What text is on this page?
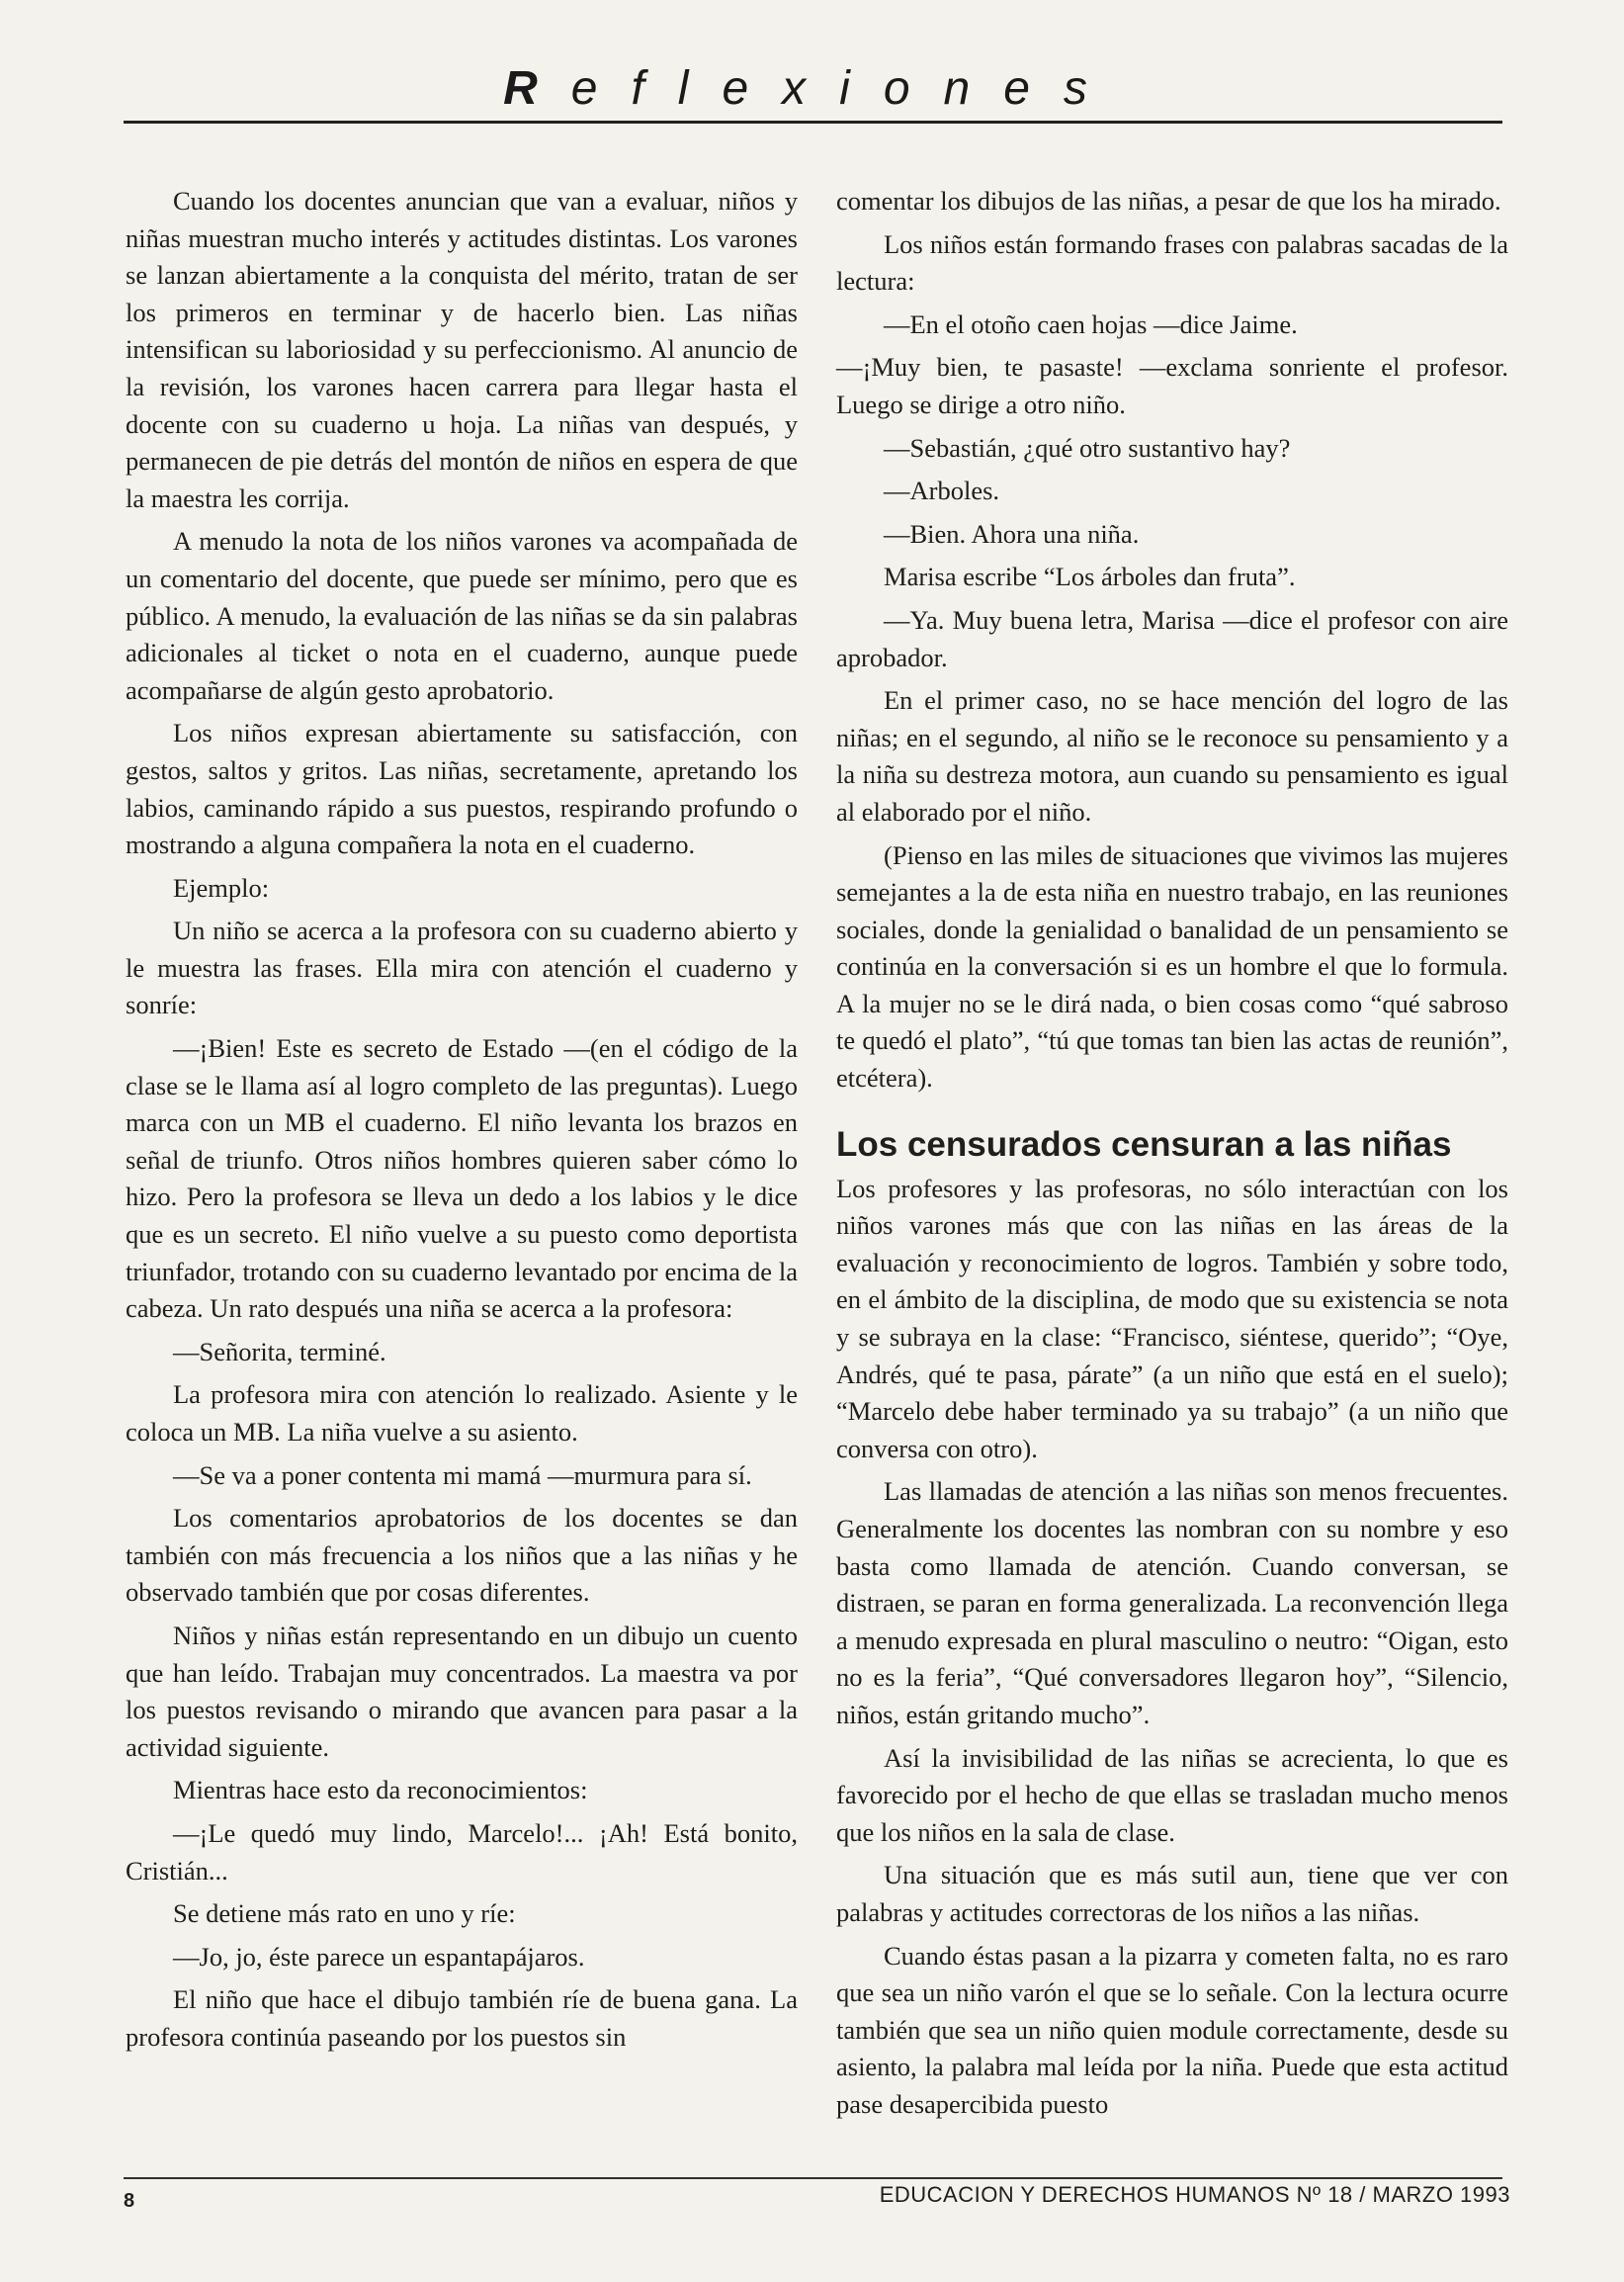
Reflexiones

Cuando los docentes anuncian que van a evaluar, niños y niñas muestran mucho interés y actitudes distintas. Los varones se lanzan abiertamente a la conquista del mérito, tratan de ser los primeros en terminar y de hacerlo bien. Las niñas intensifican su laboriosidad y su perfeccionismo. Al anuncio de la revisión, los varones hacen carrera para llegar hasta el docente con su cuaderno u hoja. La niñas van después, y permanecen de pie detrás del montón de niños en espera de que la maestra les corrija.

A menudo la nota de los niños varones va acompañada de un comentario del docente, que puede ser mínimo, pero que es público. A menudo, la evaluación de las niñas se da sin palabras adicionales al ticket o nota en el cuaderno, aunque puede acompañarse de algún gesto aprobatorio.

Los niños expresan abiertamente su satisfacción, con gestos, saltos y gritos. Las niñas, secretamente, apretando los labios, caminando rápido a sus puestos, respirando profundo o mostrando a alguna compañera la nota en el cuaderno.

Ejemplo:

Un niño se acerca a la profesora con su cuaderno abierto y le muestra las frases. Ella mira con atención el cuaderno y sonríe:

—¡Bien! Este es secreto de Estado —(en el código de la clase se le llama así al logro completo de las preguntas). Luego marca con un MB el cuaderno. El niño levanta los brazos en señal de triunfo. Otros niños hombres quieren saber cómo lo hizo. Pero la profesora se lleva un dedo a los labios y le dice que es un secreto. El niño vuelve a su puesto como deportista triunfador, trotando con su cuaderno levantado por encima de la cabeza. Un rato después una niña se acerca a la profesora:

—Señorita, terminé.

La profesora mira con atención lo realizado. Asiente y le coloca un MB. La niña vuelve a su asiento.

—Se va a poner contenta mi mamá —murmura para sí.

Los comentarios aprobatorios de los docentes se dan también con más frecuencia a los niños que a las niñas y he observado también que por cosas diferentes.

Niños y niñas están representando en un dibujo un cuento que han leído. Trabajan muy concentrados. La maestra va por los puestos revisando o mirando que avancen para pasar a la actividad siguiente.

Mientras hace esto da reconocimientos:

—¡Le quedó muy lindo, Marcelo!... ¡Ah! Está bonito, Cristián...

Se detiene más rato en uno y ríe:

—Jo, jo, éste parece un espantapájaros.

El niño que hace el dibujo también ríe de buena gana. La profesora continúa paseando por los puestos sin

comentar los dibujos de las niñas, a pesar de que los ha mirado.

Los niños están formando frases con palabras sacadas de la lectura:

—En el otoño caen hojas —dice Jaime.

—¡Muy bien, te pasaste! —exclama sonriente el profesor. Luego se dirige a otro niño.

—Sebastián, ¿qué otro sustantivo hay?

—Arboles.

—Bien. Ahora una niña.

Marisa escribe “Los árboles dan fruta”.

—Ya. Muy buena letra, Marisa —dice el profesor con aire aprobador.

En el primer caso, no se hace mención del logro de las niñas; en el segundo, al niño se le reconoce su pensamiento y a la niña su destreza motora, aun cuando su pensamiento es igual al elaborado por el niño.

(Pienso en las miles de situaciones que vivimos las mujeres semejantes a la de esta niña en nuestro trabajo, en las reuniones sociales, donde la genialidad o banalidad de un pensamiento se continúa en la conversación si es un hombre el que lo formula. A la mujer no se le dirá nada, o bien cosas como “qué sabroso te quedó el plato”, “tú que tomas tan bien las actas de reunión”, etcétera).

Los censurados censuran a las niñas

Los profesores y las profesoras, no sólo interactúan con los niños varones más que con las niñas en las áreas de la evaluación y reconocimiento de logros. También y sobre todo, en el ámbito de la disciplina, de modo que su existencia se nota y se subraya en la clase: “Francisco, siéntese, querido”; “Oye, Andrés, qué te pasa, párate” (a un niño que está en el suelo); “Marcelo debe haber terminado ya su trabajo” (a un niño que conversa con otro).

Las llamadas de atención a las niñas son menos frecuentes. Generalmente los docentes las nombran con su nombre y eso basta como llamada de atención. Cuando conversan, se distraen, se paran en forma generalizada. La reconvención llega a menudo expresada en plural masculino o neutro: “Oigan, esto no es la feria”, “Qué conversadores llegaron hoy”, “Silencio, niños, están gritando mucho”.

Así la invisibilidad de las niñas se acrecienta, lo que es favorecido por el hecho de que ellas se trasladan mucho menos que los niños en la sala de clase.

Una situación que es más sutil aun, tiene que ver con palabras y actitudes correctoras de los niños a las niñas.

Cuando éstas pasan a la pizarra y cometen falta, no es raro que sea un niño varón el que se lo señale. Con la lectura ocurre también que sea un niño quien module correctamente, desde su asiento, la palabra mal leída por la niña. Puede que esta actitud pase desapercibida puesto

8	EDUCACION Y DERECHOS HUMANOS Nº 18 / MARZO 1993
